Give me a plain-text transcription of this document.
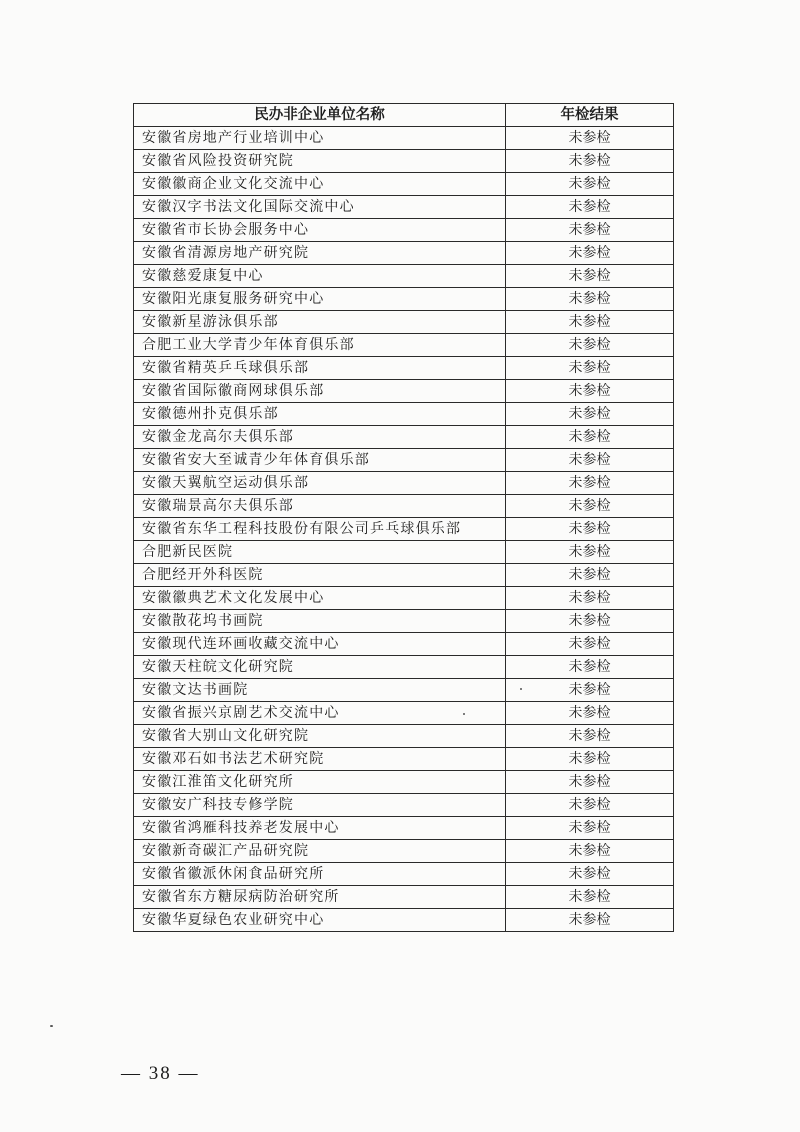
民办非企业单位名称	年检结果
安徽省房地产行业培训中心	未参检
安徽省风险投资研究院	未参检
安徽徽商企业文化交流中心	未参检
安徽汉字书法文化国际交流中心	未参检
安徽省市长协会服务中心	未参检
安徽省清源房地产研究院	未参检
安徽慈爱康复中心	未参检
安徽阳光康复服务研究中心	未参检
安徽新星游泳俱乐部	未参检
合肥工业大学青少年体育俱乐部	未参检
安徽省精英乒乓球俱乐部	未参检
安徽省国际徽商网球俱乐部	未参检
安徽德州扑克俱乐部	未参检
安徽金龙高尔夫俱乐部	未参检
安徽省安大至诚青少年体育俱乐部	未参检
安徽天翼航空运动俱乐部	未参检
安徽瑞景高尔夫俱乐部	未参检
安徽省东华工程科技股份有限公司乒乓球俱乐部	未参检
合肥新民医院	未参检
合肥经开外科医院	未参检
安徽徽典艺术文化发展中心	未参检
安徽散花坞书画院	未参检
安徽现代连环画收藏交流中心	未参检
安徽天柱皖文化研究院	未参检
安徽文达书画院	未参检
安徽省振兴京剧艺术交流中心	未参检
安徽省大别山文化研究院	未参检
安徽邓石如书法艺术研究院	未参检
安徽江淮笛文化研究所	未参检
安徽安广科技专修学院	未参检
安徽省鸿雁科技养老发展中心	未参检
安徽新奇碳汇产品研究院	未参检
安徽省徽派休闲食品研究所	未参检
安徽省东方糖尿病防治研究所	未参检
安徽华夏绿色农业研究中心	未参检
— 38 —
